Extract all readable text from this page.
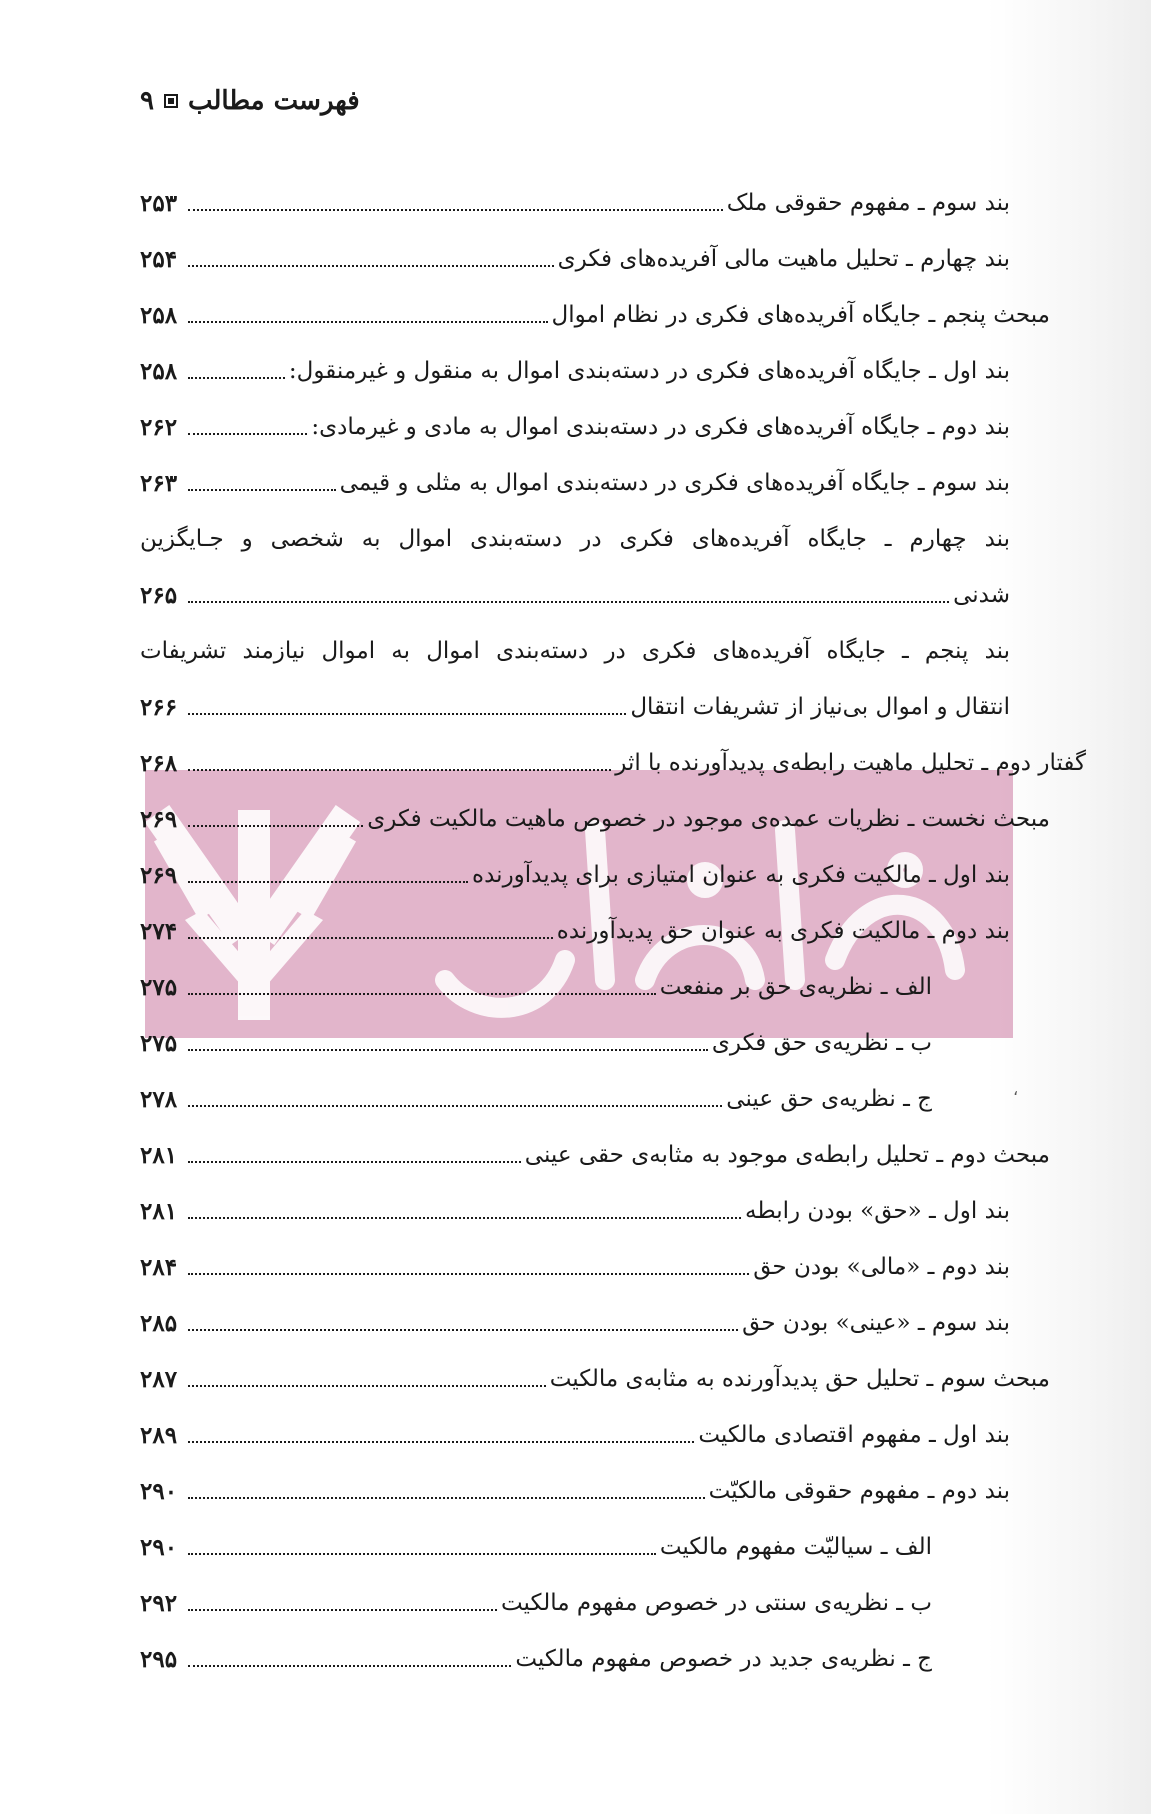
فهرست مطالب
۹
بند سوم ـ مفهوم حقوقی ملک
۲۵۳
بند چهارم ـ تحلیل ماهیت مالی آفریده‌های فکری
۲۵۴
مبحث پنجم ـ جایگاه آفریده‌های فکری در نظام اموال
۲۵۸
بند اول ـ جایگاه آفریده‌های فکری در دسته‌بندی اموال به منقول و غیرمنقول:
۲۵۸
بند دوم ـ جایگاه آفریده‌های فکری در دسته‌بندی اموال به مادی و غیرمادی:
۲۶۲
بند سوم ـ جایگاه آفریده‌های فکری در دسته‌بندی اموال به مثلی و قیمی
۲۶۳
بند چهارم ـ جایگاه آفریده‌های فکری در دسته‌بندی اموال به شخصی و جـایگزین
شدنی
۲۶۵
بند پنجم ـ جایگاه آفریده‌های فکری در دسته‌بندی اموال به اموال نیازمند تشریفات
انتقال و اموال بی‌نیاز از تشریفات انتقال
۲۶۶
گفتار دوم ـ تحلیل ماهیت رابطه‌ی پدیدآورنده با اثر
۲۶۸
مبحث نخست ـ نظریات عمده‌ی موجود در خصوص ماهیت مالکیت فکری
۲۶۹
بند اول ـ مالکیت فکری به عنوان امتیازی برای پدیدآورنده
۲۶۹
بند دوم ـ مالکیت فکری به عنوان حق پدیدآورنده
۲۷۴
الف ـ نظریه‌ی حق بر منفعت
۲۷۵
ب ـ نظریه‌ی حق فکری
۲۷۵
ج ـ نظریه‌ی حق عینی
۲۷۸
مبحث دوم ـ تحلیل رابطه‌ی موجود به مثابه‌ی حقی عینی
۲۸۱
بند اول ـ «حق» بودن رابطه
۲۸۱
بند دوم ـ «مالی» بودن حق
۲۸۴
بند سوم ـ «عینی» بودن حق
۲۸۵
مبحث سوم ـ تحلیل حق پدیدآورنده به مثابه‌ی مالکیت
۲۸۷
بند اول ـ مفهوم اقتصادی مالکیت
۲۸۹
بند دوم ـ مفهوم حقوقی مالکیّت
۲۹۰
الف ـ سیالیّت مفهوم مالکیت
۲۹۰
ب ـ نظریه‌ی سنتی در خصوص مفهوم مالکیت
۲۹۲
ج ـ نظریه‌ی جدید در خصوص مفهوم مالکیت
۲۹۵
،
